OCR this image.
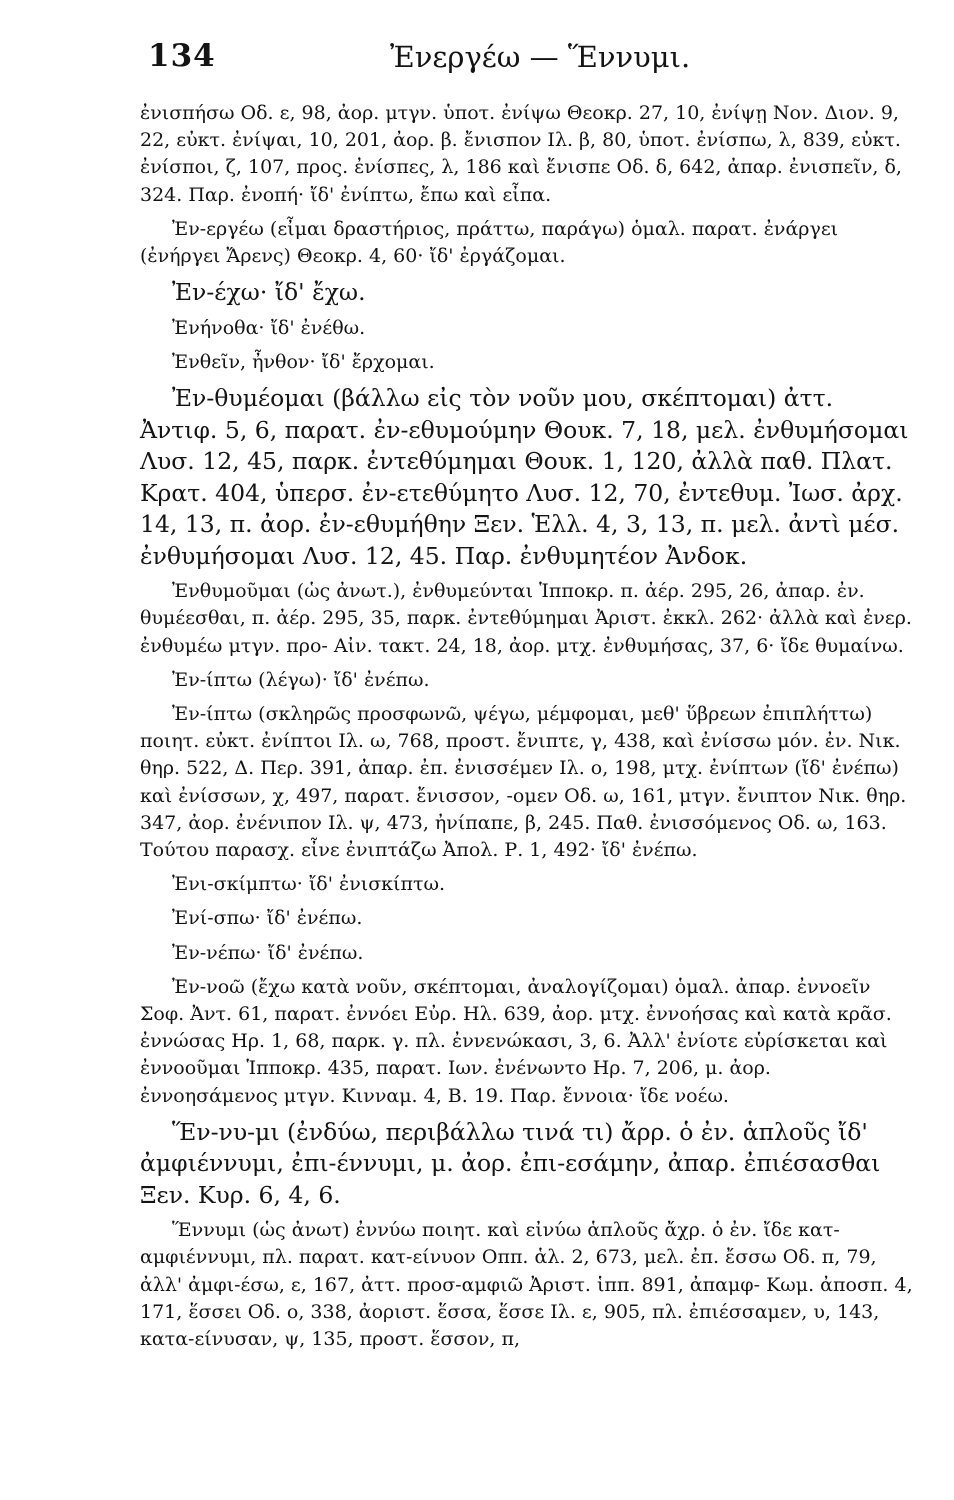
134	Ἐνεργέω — Ἕννυμι.

ἐνισπήσω Οδ. ε, 98, ἀορ. μτγν. ὑποτ. ἐνίψω Θεοκρ. 27, 10, ἐνίψῃ Νον. Διον. 9, 22, εὐκτ. ἐνίψαι, 10, 201, ἀορ. β. ἔνισπον Ιλ. β, 80, ὑποτ. ἐνίσπω, λ, 839, εὐκτ. ἐνίσποι, ζ, 107, προς. ἐνίσπες, λ, 186 καὶ ἔνισπε Οδ. δ, 642, ἀπαρ. ἐνισπεῖν, δ, 324. Παρ. ἐνοπή· ἴδ' ἐνίπτω, ἔπω καὶ εἶπα.

Ἐν-εργέω (εἶμαι δραστήριος, πράττω, παράγω) ὁμαλ. παρατ. ἐνάργει (ἐνήργει Ἄρενς) Θεοκρ. 4, 60· ἴδ' ἐργάζομαι.

Ἐν-έχω· ἴδ' ἔχω.

Ἐνήνοθα· ἴδ' ἐνέθω.

Ἐνθεῖν, ἦνθον· ἴδ' ἔρχομαι.

Ἐν-θυμέομαι (βάλλω εἰς τὸν νοῦν μου, σκέπτομαι) ἀττ. Ἀντιφ. 5, 6, παρατ. ἐν-εθυμούμην Θουκ. 7, 18, μελ. ἐνθυμήσομαι Λυσ. 12, 45, παρκ. ἐντεθύμημαι Θουκ. 1, 120, ἀλλὰ παθ. Πλατ. Κρατ. 404, ὑπερσ. ἐν-ετεθύμητο Λυσ. 12, 70, ἐντεθυμ. Ἰωσ. ἀρχ. 14, 13, π. ἀορ. ἐν-εθυμήθην Ξεν. Ἑλλ. 4, 3, 13, π. μελ. ἀντὶ μέσ. ἐνθυμήσομαι Λυσ. 12, 45. Παρ. ἐνθυμητέον Ἀνδοκ.

Ἐνθυμοῦμαι (ὡς ἀνωτ.), ἐνθυμεύνται Ἱπποκρ. π. ἀέρ. 295, 26, ἀπαρ. ἐν. θυμέεσθαι, π. ἀέρ. 295, 35, παρκ. ἐντεθύμημαι Ἀριστ. ἐκκλ. 262· ἀλλὰ καὶ ἐνερ. ἐνθυμέω μτγν. προ- Αἰν. τακτ. 24, 18, ἀορ. μτχ. ἐνθυμήσας, 37, 6· ἴδε θυμαίνω.

Ἐν-ίπτω (λέγω)· ἴδ' ἐνέπω.

Ἐν-ίπτω (σκληρῶς προσφωνῶ, ψέγω, μέμφομαι, μεθ' ὕβρεων ἐπιπλήττω) ποιητ. εὐκτ. ἐνίπτοι Ιλ. ω, 768, προστ. ἔνιπτε, γ, 438, καὶ ἐνίσσω μόν. ἐν. Νικ. θηρ. 522, Δ. Περ. 391, ἀπαρ. ἐπ. ἐνισσέμεν Ιλ. ο, 198, μτχ. ἐνίπτων (ἴδ' ἐνέπω) καὶ ἐνίσσων, χ, 497, παρατ. ἔνισσον, -ομεν Οδ. ω, 161, μτγν. ἔνιπτον Νικ. θηρ. 347, ἀορ. ἐνένιπον Ιλ. ψ, 473, ἠνίπαπε, β, 245. Παθ. ἐνισσόμενος Οδ. ω, 163. Τούτου παρασχ. εἶνε ἐνιπτάζω Ἀπολ. Ρ. 1, 492· ἴδ' ἐνέπω.

Ἐνι-σκίμπτω· ἴδ' ἐνισκίπτω.

Ἐνί-σπω· ἴδ' ἐνέπω.

Ἐν-νέπω· ἴδ' ἐνέπω.

Ἐν-νοῶ (ἔχω κατὰ νοῦν, σκέπτομαι, ἀναλογίζομαι) ὁμαλ. ἀπαρ. ἐννοεῖν Σοφ. Ἀντ. 61, παρατ. ἐννόει Εὐρ. Ηλ. 639, ἀορ. μτχ. ἐννοήσας καὶ κατὰ κρᾶσ. ἐννώσας Ηρ. 1, 68, παρκ. γ. πλ. ἐννενώκασι, 3, 6. Ἀλλ' ἐνίοτε εὑρίσκεται καὶ ἐννοοῦμαι Ἱπποκρ. 435, παρατ. Ιων. ἐνένωντο Ηρ. 7, 206, μ. ἀορ. ἐννοησάμενος μτγν. Κινναμ. 4, Β. 19. Παρ. ἔννοια· ἴδε νοέω.

Ἕν-νυ-μι (ἐνδύω, περιβάλλω τινά τι) ἄρρ. ὁ ἐν. ἁπλοῦς ἴδ' ἀμφιέννυμι, ἐπι-έννυμι, μ. ἀορ. ἐπι-εσάμην, ἀπαρ. ἐπιέσασθαι Ξεν. Κυρ. 6, 4, 6.

Ἕννυμι (ὡς ἀνωτ) ἐννύω ποιητ. καὶ εἰνύω ἁπλοῦς ἄχρ. ὁ ἐν. ἴδε κατ-αμφιέννυμι, πλ. παρατ. κατ-είνυον Οππ. ἁλ. 2, 673, μελ. ἐπ. ἔσσω Οδ. π, 79, ἀλλ' ἀμφι-έσω, ε, 167, ἀττ. προσ-αμφιῶ Ἀριστ. ἱππ. 891, ἀπαμφ- Κωμ. ἀποσπ. 4, 171, ἕσσει Οδ. ο, 338, ἀοριστ. ἕσσα, ἕσσε Ιλ. ε, 905, πλ. ἐπιέσσαμεν, υ, 143, κατα-είνυσαν, ψ, 135, προστ. ἕσσον, π,
